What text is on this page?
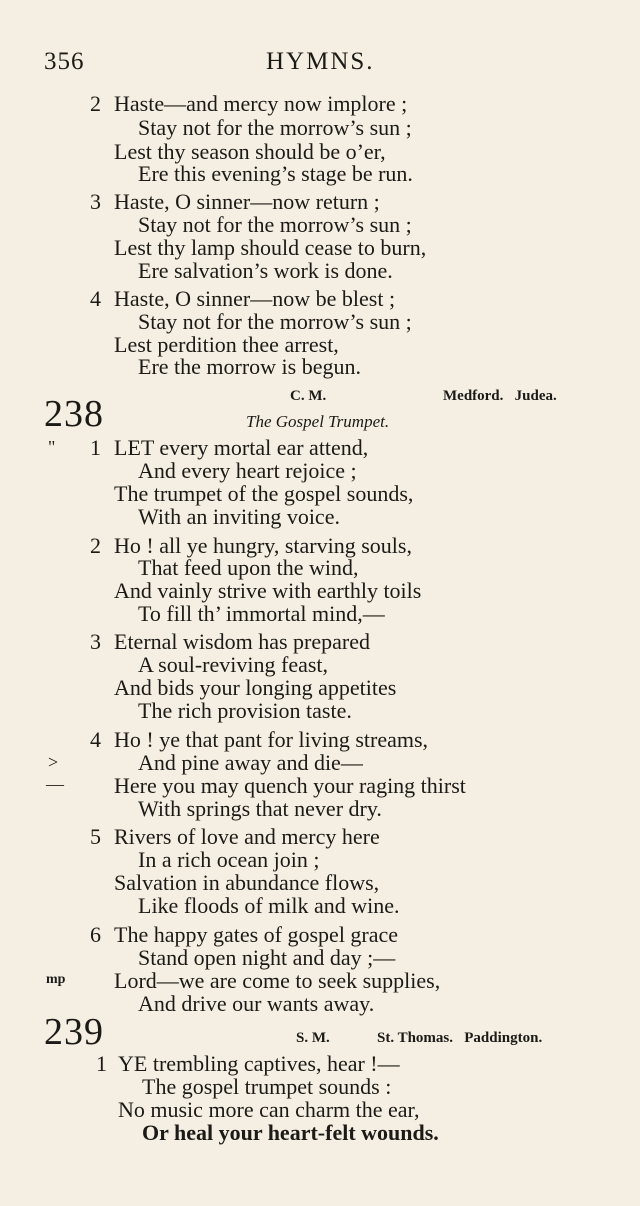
356	HYMNS.
2 Haste—and mercy now implore ;
Stay not for the morrow’s sun ;
Lest thy season should be o’er,
Ere this evening’s stage be run.
3 Haste, O sinner—now return ;
Stay not for the morrow’s sun ;
Lest thy lamp should cease to burn,
Ere salvation’s work is done.
4 Haste, O sinner—now be blest ;
Stay not for the morrow’s sun ;
Lest perdition thee arrest,
Ere the morrow is begun.
C. M.	Medford.   Judea.
238	The Gospel Trumpet.
" 1 LET every mortal ear attend,
And every heart rejoice ;
The trumpet of the gospel sounds,
With an inviting voice.
2 Ho ! all ye hungry, starving souls,
That feed upon the wind,
And vainly strive with earthly toils
To fill th’ immortal mind,—
3 Eternal wisdom has prepared
A soul-reviving feast,
And bids your longing appetites
The rich provision taste.
4 Ho ! ye that pant for living streams,
>	And pine away and die—
— Here you may quench your raging thirst
With springs that never dry.
5 Rivers of love and mercy here
In a rich ocean join ;
Salvation in abundance flows,
Like floods of milk and wine.
6 The happy gates of gospel grace
Stand open night and day ;—
mp Lord—we are come to seek supplies,
And drive our wants away.
239	S. M.	St. Thomas.   Paddington.
1 YE trembling captives, hear !—
The gospel trumpet sounds :
No music more can charm the ear,
Or heal your heart-felt wounds.
